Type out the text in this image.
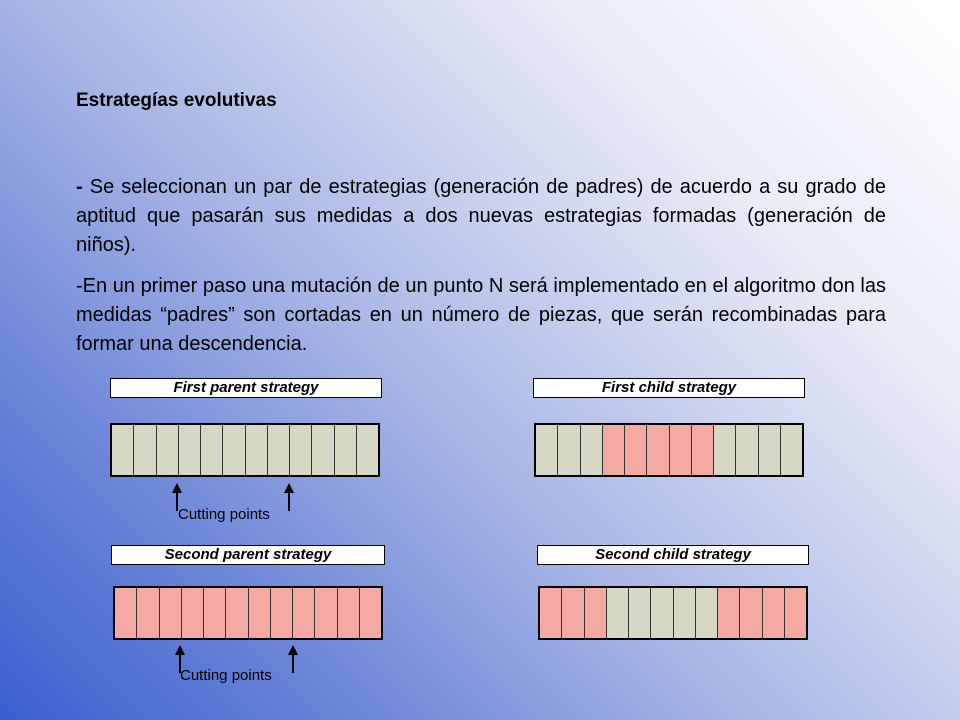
Estrategías evolutivas
- Se seleccionan un par de estrategias (generación de padres) de acuerdo a su grado de aptitud que pasarán sus medidas a dos nuevas estrategias formadas (generación de niños).
-En un primer paso una mutación de un punto N será implementado en el algoritmo don las medidas “padres” son cortadas en un número de piezas, que serán recombinadas para formar una descendencia.
First parent strategy
Cutting points
First child strategy
Second parent strategy
Cutting points
Second child strategy
